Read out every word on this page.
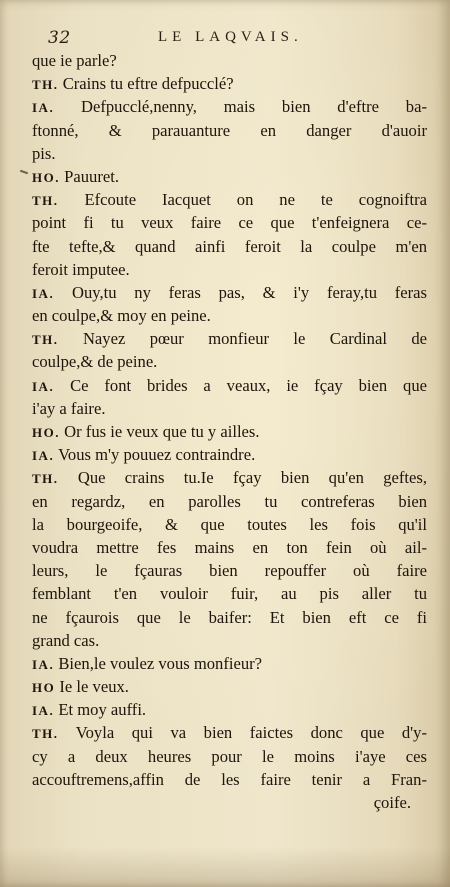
32	LE LAQVAIS.
que ie parle?
TH. Crains tu eftre defpucclé?
IA. Defpucclé,nenny, mais bien d'eftre ba-
ftonné, & parauanture en danger d'auoir
pis.
HO. Pauuret.
TH. Efcoute Iacquet on ne te cognoiftra
point fi tu veux faire ce que t'enfeignera ce-
fte tefte,& quand ainfi feroit la coulpe m'en
feroit imputee.
IA. Ouy,tu ny feras pas, & i'y feray,tu feras
en coulpe,& moy en peine.
TH. Nayez pœur monfieur le Cardinal de
coulpe,& de peine.
IA. Ce font brides a veaux, ie fçay bien que
i'ay a faire.
HO. Or fus ie veux que tu y ailles.
IA. Vous m'y pouuez contraindre.
TH. Que crains tu.Ie fçay bien qu'en geftes,
en regardz, en parolles tu contreferas bien
la bourgeoife, & que toutes les fois qu'il
voudra mettre fes mains en ton fein où ail-
leurs, le fçauras bien repouffer où faire
femblant t'en vouloir fuir, au pis aller tu
ne fçaurois que le baifer: Et bien eft ce fi
grand cas.
IA. Bien,le voulez vous monfieur?
HO Ie le veux.
IA. Et moy auffi.
TH. Voyla qui va bien faictes donc que d'y-
cy a deux heures pour le moins i'aye ces
accouftremens,affin de les faire tenir a Fran-
çoife.
